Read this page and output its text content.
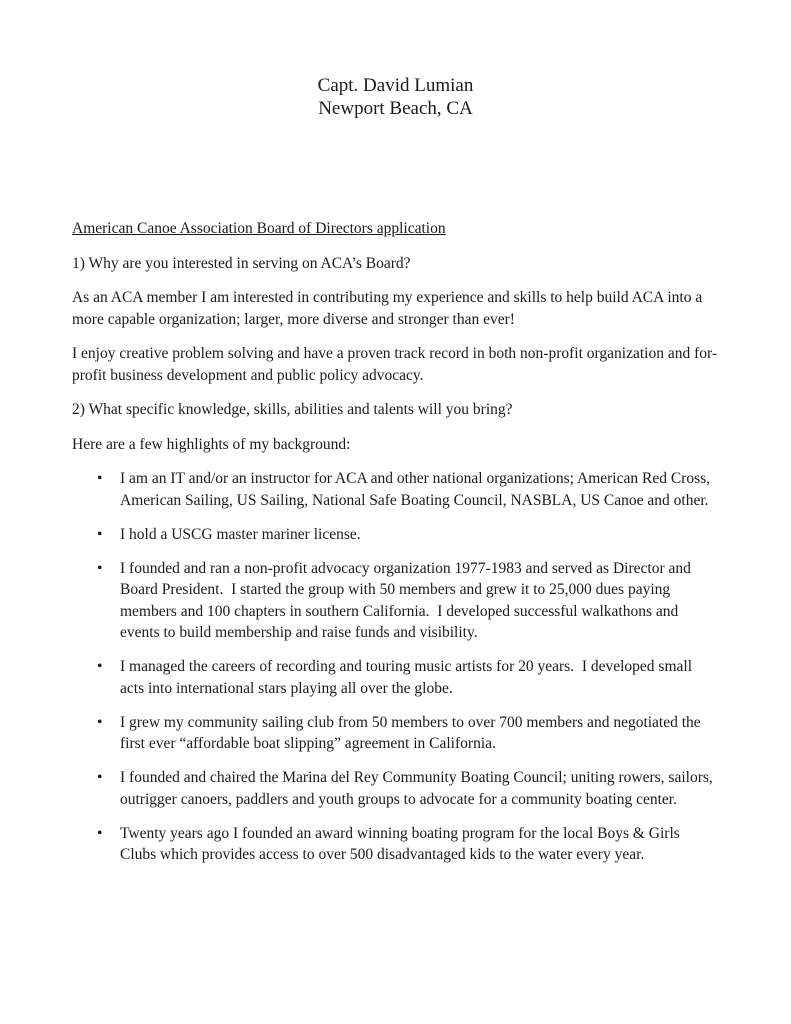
Capt. David Lumian
Newport Beach, CA
American Canoe Association Board of Directors application
1) Why are you interested in serving on ACA’s Board?
As an ACA member I am interested in contributing my experience and skills to help build ACA into a more capable organization; larger, more diverse and stronger than ever!
I enjoy creative problem solving and have a proven track record in both non-profit organization and for-profit business development and public policy advocacy.
2) What specific knowledge, skills, abilities and talents will you bring?
Here are a few highlights of my background:
• I am an IT and/or an instructor for ACA and other national organizations; American Red Cross, American Sailing, US Sailing, National Safe Boating Council, NASBLA, US Canoe and other.
• I hold a USCG master mariner license.
• I founded and ran a non-profit advocacy organization 1977-1983 and served as Director and Board President.  I started the group with 50 members and grew it to 25,000 dues paying members and 100 chapters in southern California.  I developed successful walkathons and events to build membership and raise funds and visibility.
• I managed the careers of recording and touring music artists for 20 years.  I developed small acts into international stars playing all over the globe.
• I grew my community sailing club from 50 members to over 700 members and negotiated the first ever “affordable boat slipping” agreement in California.
• I founded and chaired the Marina del Rey Community Boating Council; uniting rowers, sailors, outrigger canoers, paddlers and youth groups to advocate for a community boating center.
• Twenty years ago I founded an award winning boating program for the local Boys & Girls Clubs which provides access to over 500 disadvantaged kids to the water every year.
